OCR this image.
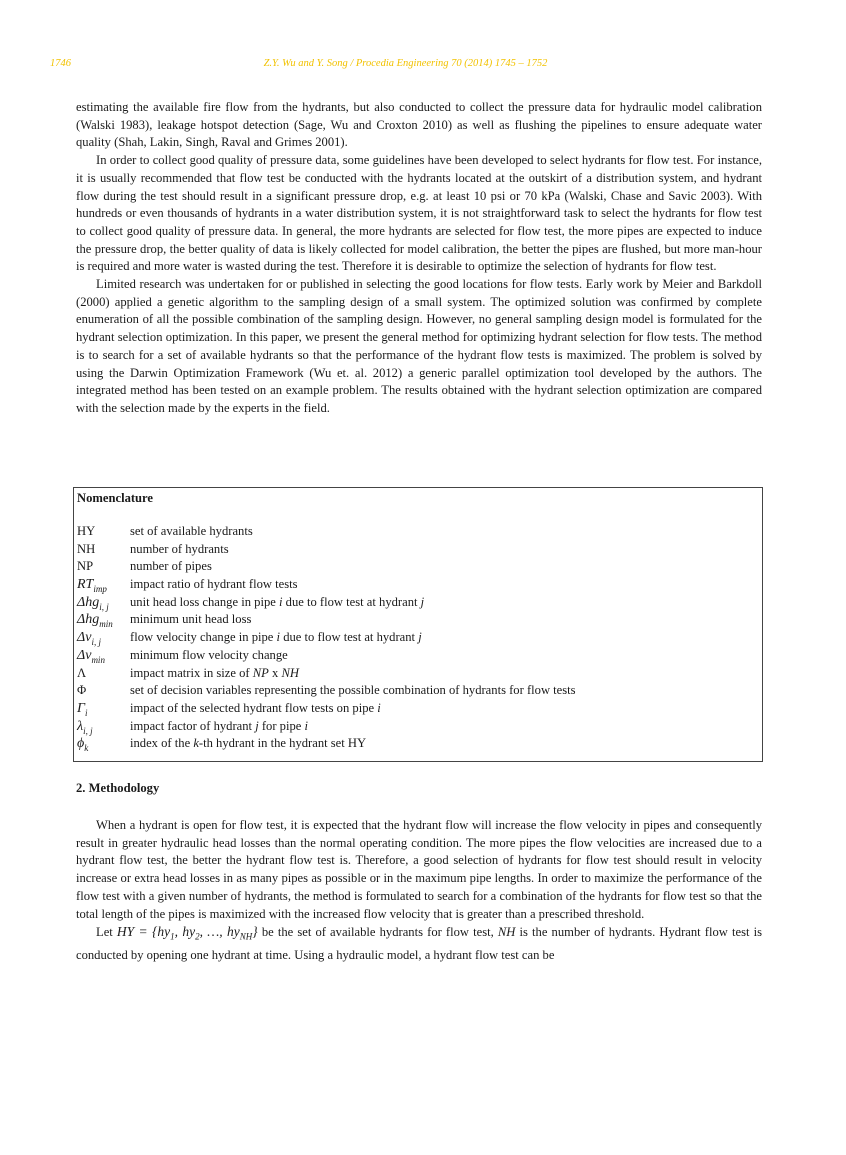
1746	Z.Y. Wu and Y. Song / Procedia Engineering 70 (2014) 1745 – 1752

estimating the available fire flow from the hydrants, but also conducted to collect the pressure data for hydraulic model calibration (Walski 1983), leakage hotspot detection (Sage, Wu and Croxton 2010) as well as flushing the pipelines to ensure adequate water quality (Shah, Lakin, Singh, Raval and Grimes 2001).

In order to collect good quality of pressure data, some guidelines have been developed to select hydrants for flow test. For instance, it is usually recommended that flow test be conducted with the hydrants located at the outskirt of a distribution system, and hydrant flow during the test should result in a significant pressure drop, e.g. at least 10 psi or 70 kPa (Walski, Chase and Savic 2003). With hundreds or even thousands of hydrants in a water distribution system, it is not straightforward task to select the hydrants for flow test to collect good quality of pressure data. In general, the more hydrants are selected for flow test, the more pipes are expected to induce the pressure drop, the better quality of data is likely collected for model calibration, the better the pipes are flushed, but more man-hour is required and more water is wasted during the test. Therefore it is desirable to optimize the selection of hydrants for flow test.

Limited research was undertaken for or published in selecting the good locations for flow tests. Early work by Meier and Barkdoll (2000) applied a genetic algorithm to the sampling design of a small system. The optimized solution was confirmed by complete enumeration of all the possible combination of the sampling design. However, no general sampling design model is formulated for the hydrant selection optimization. In this paper, we present the general method for optimizing hydrant selection for flow tests. The method is to search for a set of available hydrants so that the performance of the hydrant flow tests is maximized. The problem is solved by using the Darwin Optimization Framework (Wu et. al. 2012) a generic parallel optimization tool developed by the authors. The integrated method has been tested on an example problem. The results obtained with the hydrant selection optimization are compared with the selection made by the experts in the field.

Nomenclature
HY	set of available hydrants
NH	number of hydrants
NP	number of pipes
$RT_{imp}$	impact ratio of hydrant flow tests
Δhg$_{i, j}$	unit head loss change in pipe i due to flow test at hydrant j
Δhg$_{min}$	minimum unit head loss
$\Delta v_{i, j}$	flow velocity change in pipe i due to flow test at hydrant j
$\Delta v_{min}$	minimum flow velocity change
Λ	impact matrix in size of NP x NH
Φ	set of decision variables representing the possible combination of hydrants for flow tests
$\Gamma_i$	impact of the selected hydrant flow tests on pipe i
$\lambda_{i, j}$	impact factor of hydrant j for pipe i
$\phi_k$	index of the k-th hydrant in the hydrant set HY
2. Methodology

When a hydrant is open for flow test, it is expected that the hydrant flow will increase the flow velocity in pipes and consequently result in greater hydraulic head losses than the normal operating condition. The more pipes the flow velocities are increased due to a hydrant flow test, the better the hydrant flow test is. Therefore, a good selection of hydrants for flow test should result in velocity increase or extra head losses in as many pipes as possible or in the maximum pipe lengths. In order to maximize the performance of the flow test with a given number of hydrants, the method is formulated to search for a combination of the hydrants for flow test so that the total length of the pipes is maximized with the increased flow velocity that is greater than a prescribed threshold.

Let HY = {$hy_1$, $hy_2$, …, $hy_{NH}$} be the set of available hydrants for flow test, NH is the number of hydrants. Hydrant flow test is conducted by opening one hydrant at time. Using a hydraulic model, a hydrant flow test can be
